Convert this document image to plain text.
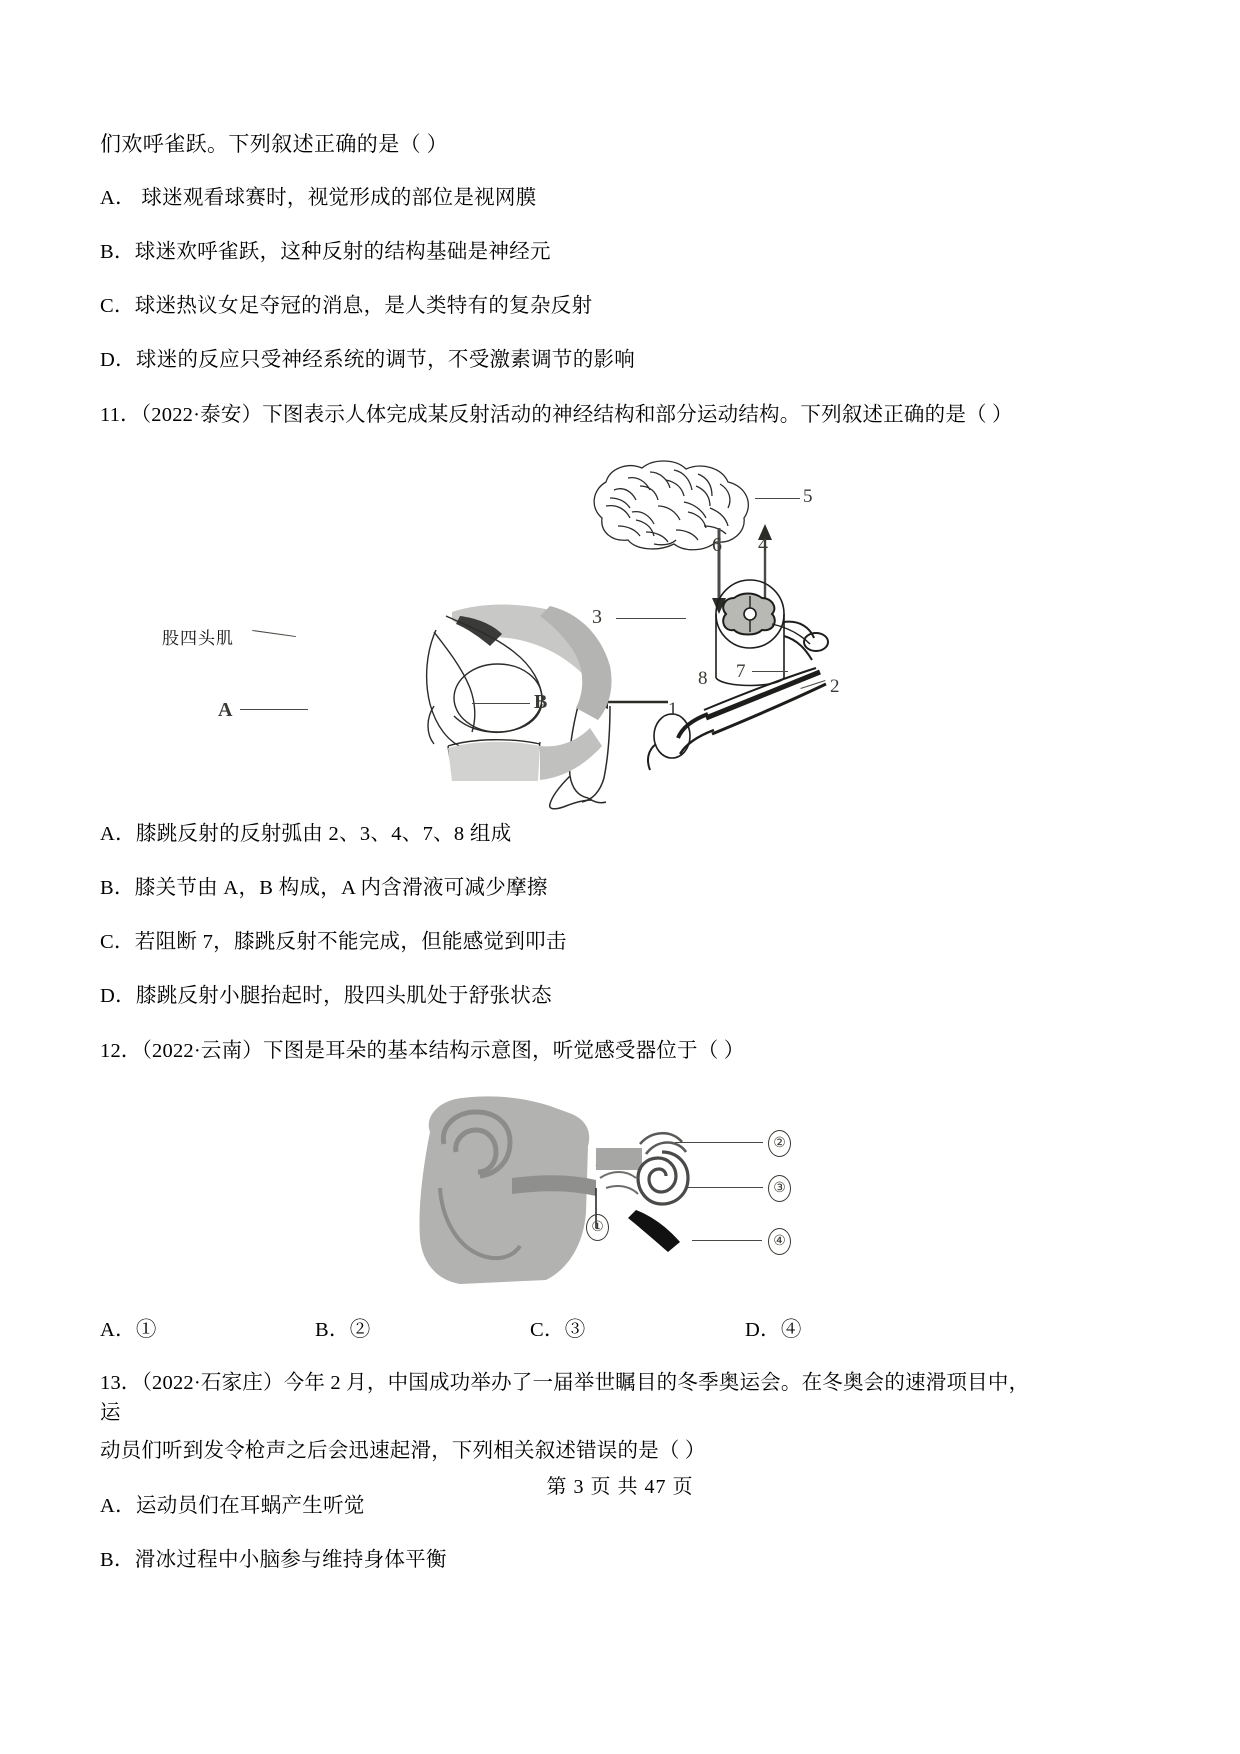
们欢呼雀跃。下列叙述正确的是（ ）

A． 球迷观看球赛时，视觉形成的部位是视网膜

B．球迷欢呼雀跃，这种反射的结构基础是神经元

C．球迷热议女足夺冠的消息，是人类特有的复杂反射

D．球迷的反应只受神经系统的调节，不受激素调节的影响

11．（2022·泰安）下图表示人体完成某反射活动的神经结构和部分运动结构。下列叙述正确的是（ ）

5
6 4
3
8 7
2
1
股四头肌
A	B

A．膝跳反射的反射弧由 2、3、4、7、8 组成

B．膝关节由 A，B 构成，A 内含滑液可减少摩擦

C．若阻断 7，膝跳反射不能完成，但能感觉到叩击

D．膝跳反射小腿抬起时，股四头肌处于舒张状态

12．（2022·云南）下图是耳朵的基本结构示意图，听觉感受器位于（ ）

②
③
①
④
A．①	B．②	C．③	D．④

13．（2022·石家庄）今年 2 月，中国成功举办了一届举世瞩目的冬季奥运会。在冬奥会的速滑项目中，运

动员们听到发令枪声之后会迅速起滑，下列相关叙述错误的是（ ）

A．运动员们在耳蜗产生听觉

B．滑冰过程中小脑参与维持身体平衡

第 3 页 共 47 页
